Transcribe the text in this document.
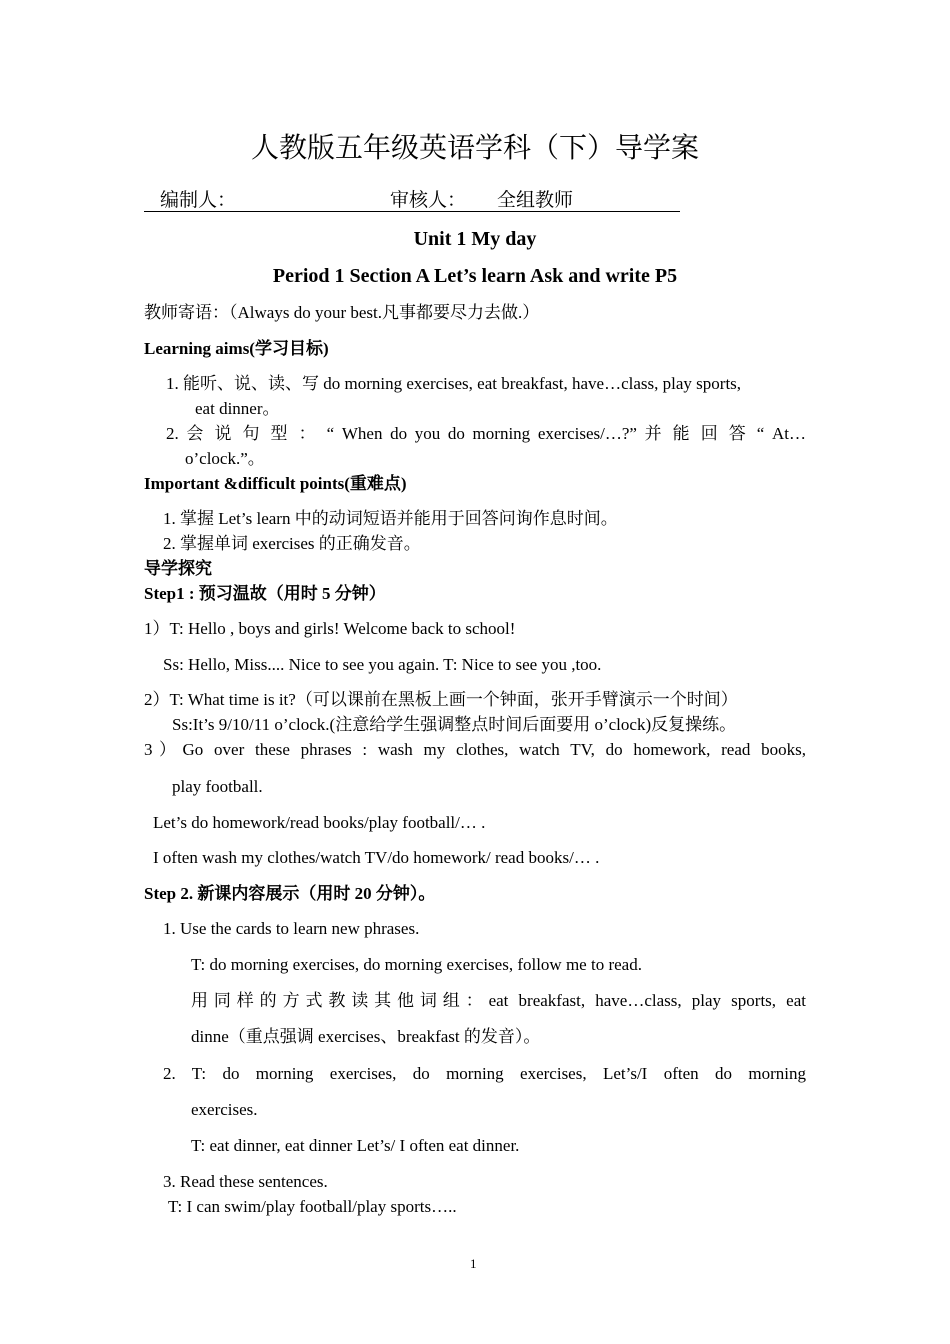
人教版五年级英语学科（下）导学案
编制人：	审核人： 全组教师
Unit 1 My day
Period 1 Section A Let’s learn Ask and write P5
教师寄语：（Always do your best.凡事都要尽力去做.）
Learning aims(学习目标)
1. 能听、说、读、写 do morning exercises, eat breakfast, have…class, play sports,
eat dinner。
2. 会 说 句 型 ： “ When do you do morning exercises/…?” 并 能 回 答 “ At…
o’clock.”。
Important &difficult points(重难点)
1. 掌握 Let’s learn 中的动词短语并能用于回答问询作息时间。
2. 掌握单词 exercises 的正确发音。
导学探究
Step1 : 预习温故（用时 5 分钟）
1）T: Hello , boys and girls! Welcome back to school!
Ss: Hello, Miss.... Nice to see you again. T: Nice to see you ,too.
2）T: What time is it?（可以课前在黑板上画一个钟面，张开手臂演示一个时间）
Ss:It’s 9/10/11 o’clock.(注意给学生强调整点时间后面要用 o’clock)反复操练。
3）Go over these phrases : wash my clothes, watch TV, do homework, read books,
play football.
Let’s do homework/read books/play football/… .
I often wash my clothes/watch TV/do homework/ read books/… .
Step 2. 新课内容展示（用时 20 分钟）。
1. Use the cards to learn new phrases.
T: do morning exercises, do morning exercises, follow me to read.
用同样的方式教读其他词组：eat breakfast, have…class, play sports, eat
dinne（重点强调 exercises、breakfast 的发音）。
2. T: do morning exercises, do morning exercises, Let’s/I often do morning
exercises.
T: eat dinner, eat dinner Let’s/ I often eat dinner.
3. Read these sentences.
T: I can swim/play football/play sports…..
1
